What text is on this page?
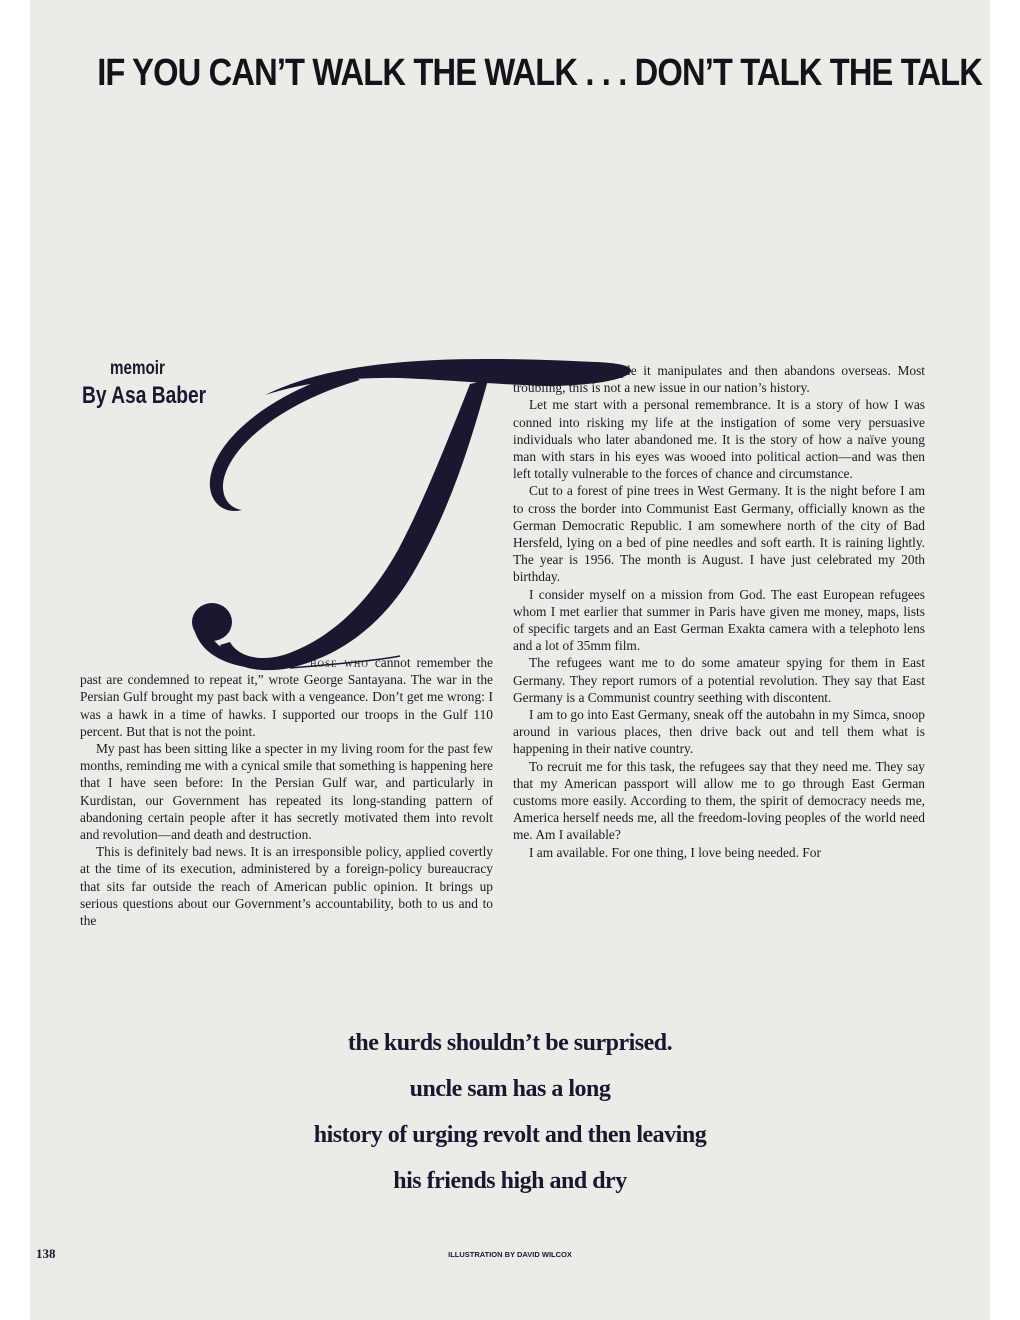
IF YOU CAN’T WALK THE WALK . . . DON’T TALK THE TALK
memoir
By Asa Baber
T

hose who cannot remember the past are condemned to repeat it,” wrote George Santayana. The war in the Persian Gulf brought my past back with a vengeance. Don’t get me wrong: I was a hawk in a time of hawks. I supported our troops in the Gulf 110 percent. But that is not the point.

My past has been sitting like a specter in my living room for the past few months, reminding me with a cynical smile that something is happening here that I have seen before: In the Persian Gulf war, and particularly in Kurdistan, our Government has repeated its long-standing pattern of abandoning certain people after it has secretly motivated them into revolt and revolution—and death and destruction.

This is definitely bad news. It is an irresponsible policy, applied covertly at the time of its execution, administered by a foreign-policy bureaucracy that sits far outside the reach of American public opinion. It brings up serious questions about our Government’s accountability, both to us and to the

people it manipulates and then abandons overseas. Most troubling, this is not a new issue in our nation’s history.

Let me start with a personal remembrance. It is a story of how I was conned into risking my life at the instigation of some very persuasive individuals who later abandoned me. It is the story of how a naïve young man with stars in his eyes was wooed into political action—and was then left totally vulnerable to the forces of chance and circumstance.

Cut to a forest of pine trees in West Germany. It is the night before I am to cross the border into Communist East Germany, officially known as the German Democratic Republic. I am somewhere north of the city of Bad Hersfeld, lying on a bed of pine needles and soft earth. It is raining lightly. The year is 1956. The month is August. I have just celebrated my 20th birthday.

I consider myself on a mission from God. The east European refugees whom I met earlier that summer in Paris have given me money, maps, lists of specific targets and an East German Exakta camera with a telephoto lens and a lot of 35mm film.

The refugees want me to do some amateur spying for them in East Germany. They report rumors of a potential revolution. They say that East Germany is a Communist country seething with discontent.

I am to go into East Germany, sneak off the autobahn in my Simca, snoop around in various places, then drive back out and tell them what is happening in their native country.

To recruit me for this task, the refugees say that they need me. They say that my American passport will allow me to go through East German customs more easily. According to them, the spirit of democracy needs me, America herself needs me, all the freedom-loving peoples of the world need me. Am I available?

I am available. For one thing, I love being needed. For

the kurds shouldn’t be surprised.
uncle sam has a long
history of urging revolt and then leaving
his friends high and dry
138	ILLUSTRATION BY DAVID WILCOX
